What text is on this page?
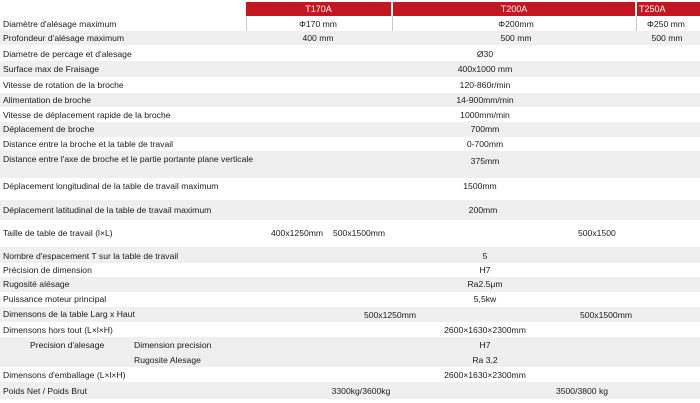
T170A	T200A	T250A
Diamètre d'alésage maximum	Φ170 mm	Φ200mm	Φ250 mm
Profondeur d'alésage maximum	400 mm	500 mm	500 mm
Diametre de percage et d'alesage	Ø30
Surface max de Fraisage	400x1000 mm
Vitesse de rotation de la broche	120-860r/min
Alimentation de broche	14-900mm/min
Vitesse de déplacement rapide de la broche	1000mm/min
Déplacement de broche	700mm
Distance entre la broche et la table de travail	0-700mm
Distance entre l'axe de broche et le partie portante plane verticale	375mm
Déplacement longitudinal de la table de travail maximum	1500mm
Déplacement latitudinal de la table de travail maximum	200mm
Taille de table de travail (l×L)	400x1250mm 500x1500mm	500x1500
Nombre d'espacement T sur la table de travail	5
Précision de dimension	H7
Rugosité alésage	Ra2.5μm
Puissance moteur principal	5,5kw
Dimensons de la table Larg x Haut	500x1250mm	500x1500mm
Dimensons hors tout (L×l×H)	2600×1630×2300mm
Precision d'alesage	Dimension precision	H7
Rugosite Alesage	Ra 3,2
Dimensons d'emballage (L×l×H)	2600×1630×2300mm
Poids Net / Poids Brut	3300kg/3600kg	3500/3800 kg
